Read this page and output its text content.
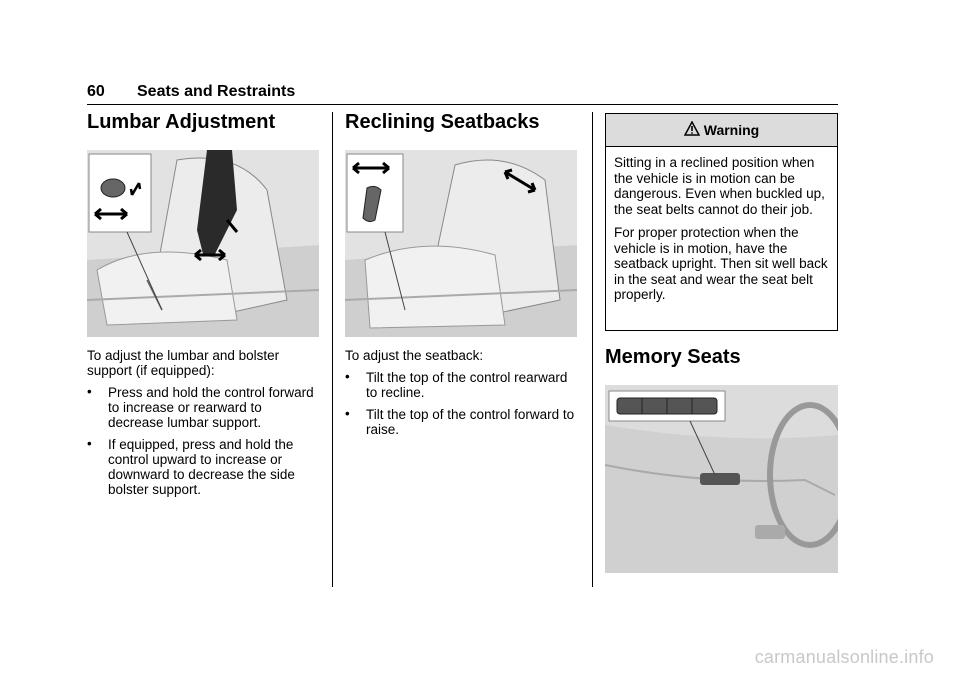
60 Seats and Restraints
Lumbar Adjustment

To adjust the lumbar and bolster support (if equipped):

• Press and hold the control forward to increase or rearward to decrease lumbar support.
• If equipped, press and hold the control upward to increase or downward to decrease the side bolster support.
Reclining Seatbacks

To adjust the seatback:

• Tilt the top of the control rearward to recline.
• Tilt the top of the control forward to raise.
Warning

Sitting in a reclined position when the vehicle is in motion can be dangerous. Even when buckled up, the seat belts cannot do their job.

For proper protection when the vehicle is in motion, have the seatback upright. Then sit well back in the seat and wear the seat belt properly.

Memory Seats
carmanualsonline.info
